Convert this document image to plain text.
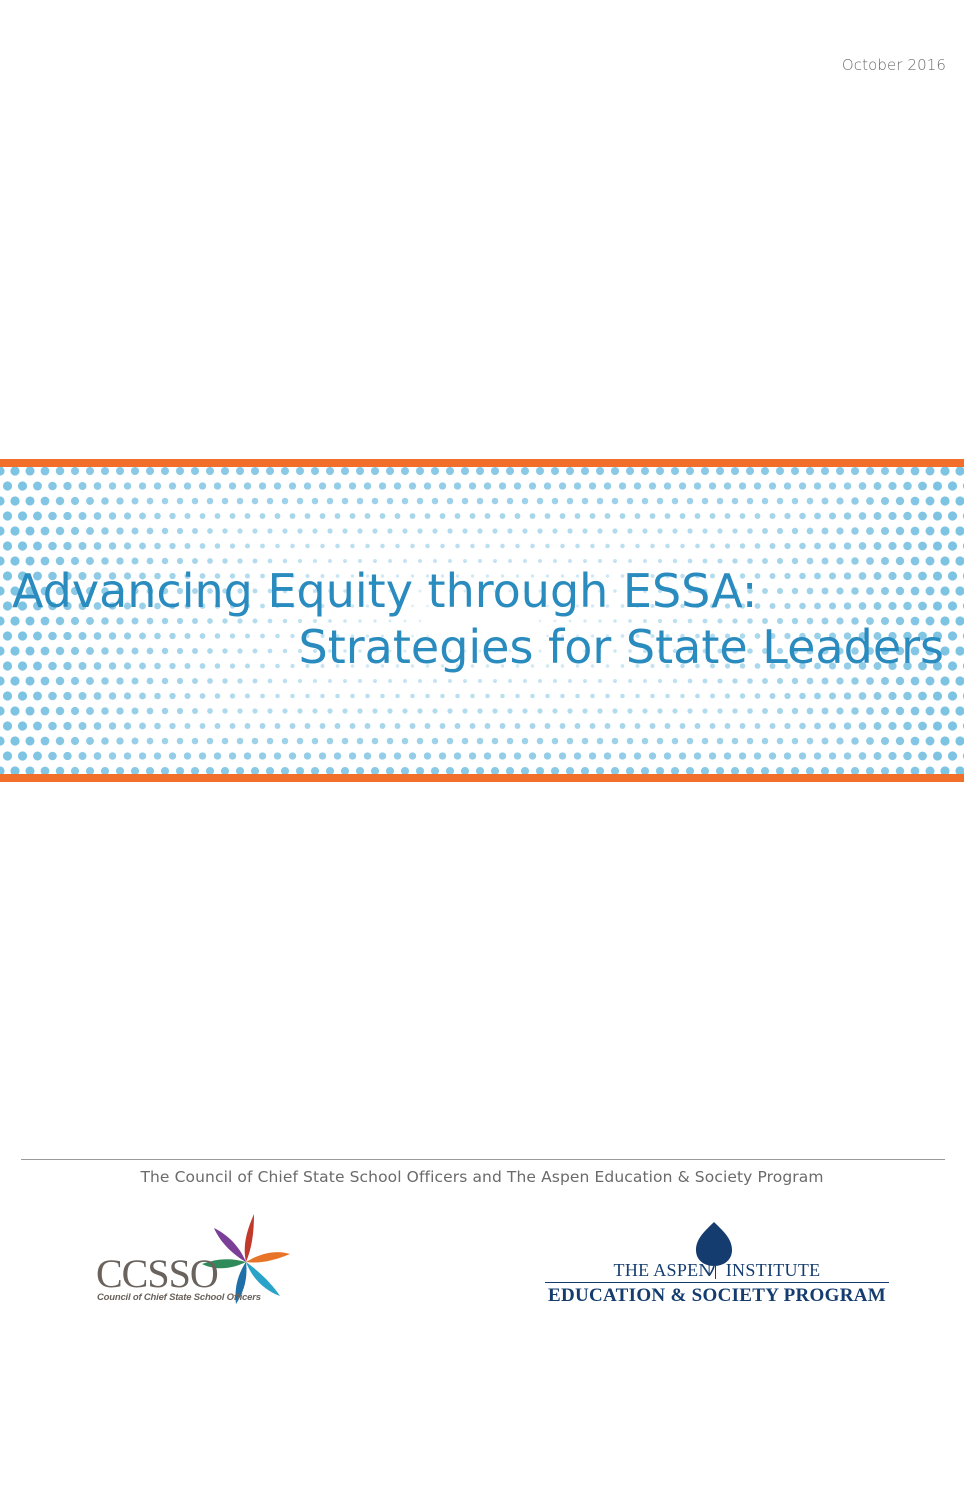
October 2016
Advancing Equity through ESSA:
Strategies for State Leaders
The Council of Chief State School Officers and The Aspen Education & Society Program
CCSSO
Council of Chief State School Officers
THE ASPEN INSTITUTE
EDUCATION & SOCIETY PROGRAM
